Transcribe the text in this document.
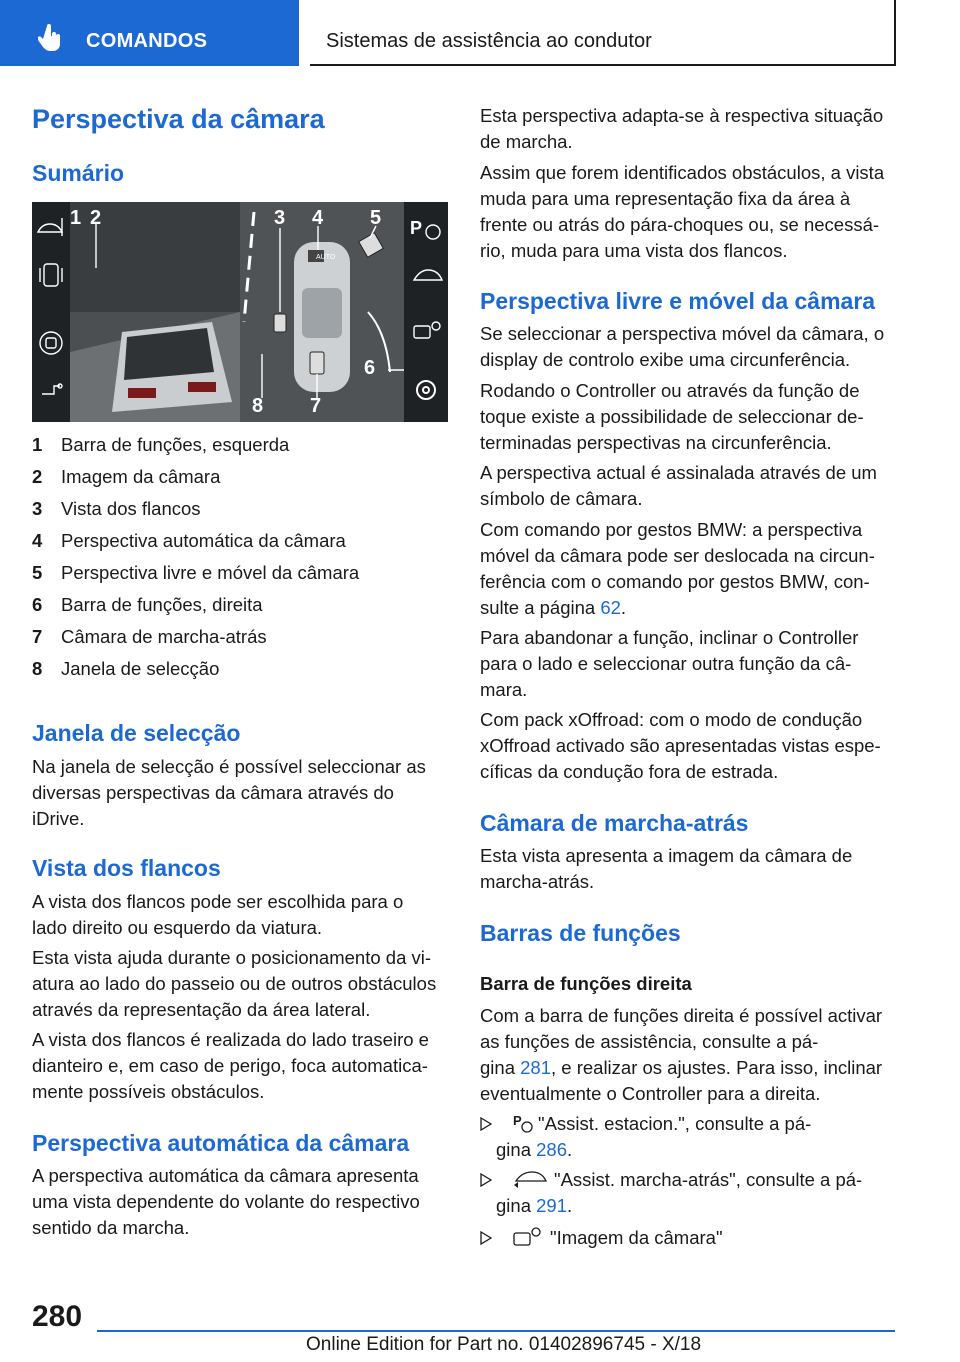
COMANDOS	Sistemas de assistência ao condutor
Perspectiva da câmara
Sumário
AUTO
P
1 2	3 4 5
6
7
8
1 Barra de funções, esquerda
2 Imagem da câmara
3 Vista dos flancos
4 Perspectiva automática da câmara
5 Perspectiva livre e móvel da câmara
6 Barra de funções, direita
7 Câmara de marcha-atrás
8 Janela de selecção
Janela de selecção
Na janela de selecção é possível seleccionar as
diversas perspectivas da câmara através do
iDrive.
Vista dos flancos
A vista dos flancos pode ser escolhida para o
lado direito ou esquerdo da viatura.
Esta vista ajuda durante o posicionamento da vi-
atura ao lado do passeio ou de outros obstáculos
através da representação da área lateral.
A vista dos flancos é realizada do lado traseiro e
dianteiro e, em caso de perigo, foca automatica-
mente possíveis obstáculos.
Perspectiva automática da câmara
A perspectiva automática da câmara apresenta
uma vista dependente do volante do respectivo
sentido da marcha.
Esta perspectiva adapta-se à respectiva situação
de marcha.
Assim que forem identificados obstáculos, a vista
muda para uma representação fixa da área à
frente ou atrás do pára-choques ou, se necessá-
rio, muda para uma vista dos flancos.
Perspectiva livre e móvel da câmara
Se seleccionar a perspectiva móvel da câmara, o
display de controlo exibe uma circunferência.
Rodando o Controller ou através da função de
toque existe a possibilidade de seleccionar de-
terminadas perspectivas na circunferência.
A perspectiva actual é assinalada através de um
símbolo de câmara.
Com comando por gestos BMW: a perspectiva
móvel da câmara pode ser deslocada na circun-
ferência com o comando por gestos BMW, con-
sulte a página 62.
Para abandonar a função, inclinar o Controller
para o lado e seleccionar outra função da câ-
mara.
Com pack xOffroad: com o modo de condução
xOffroad activado são apresentadas vistas espe-
cíficas da condução fora de estrada.
Câmara de marcha-atrás
Esta vista apresenta a imagem da câmara de
marcha-atrás.
Barras de funções
Barra de funções direita
Com a barra de funções direita é possível activar
as funções de assistência, consulte a pá-
gina 281, e realizar os ajustes. Para isso, inclinar
eventualmente o Controller para a direita.
P "Assist. estacion.", consulte a pá-
gina 286.
"Assist. marcha-atrás", consulte a pá-
gina 291.
"Imagem da câmara"
280
Online Edition for Part no. 01402896745 - X/18
